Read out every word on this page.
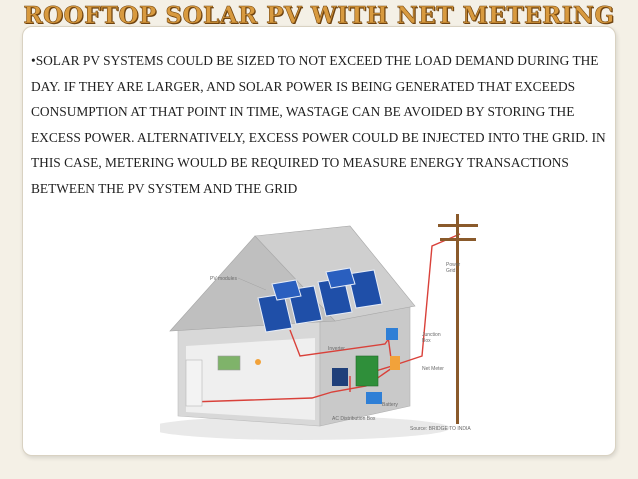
ROOFTOP SOLAR PV WITH NET METERING
•SOLAR PV SYSTEMS COULD BE SIZED TO NOT EXCEED THE LOAD DEMAND DURING THE DAY. IF THEY ARE LARGER, AND SOLAR POWER IS BEING GENERATED THAT EXCEEDS CONSUMPTION AT THAT POINT IN TIME, WASTAGE CAN BE AVOIDED BY STORING THE EXCESS POWER. ALTERNATIVELY, EXCESS POWER COULD BE INJECTED INTO THE GRID. IN THIS CASE, METERING WOULD BE REQUIRED TO MEASURE ENERGY TRANSACTIONS BETWEEN THE PV SYSTEM AND THE GRID
PV modules
Power
Grid
Junction
Box
Inverter
Net Meter
Battery
AC Distribution Box
Source: BRIDGE TO INDIA
